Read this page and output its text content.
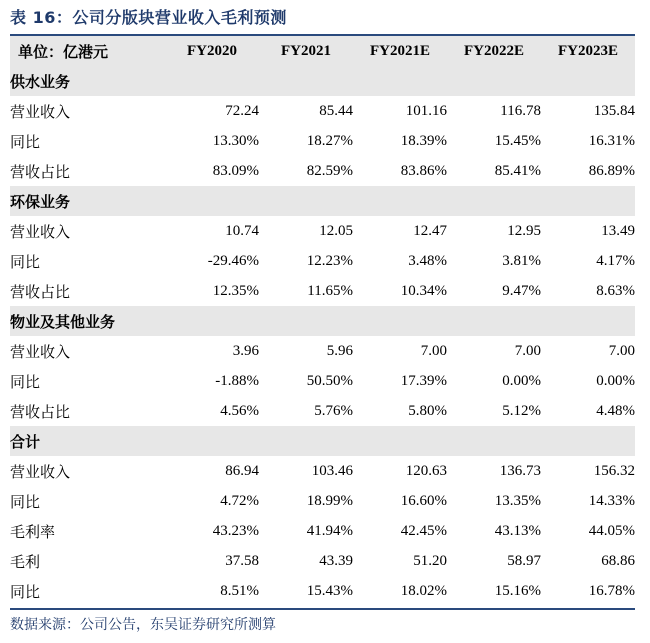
表 16：公司分版块营业收入毛利预测
单位：亿港元	FY2020	FY2021	FY2021E	FY2022E	FY2023E
供水业务					
营业收入	72.24	85.44	101.16	116.78	135.84
同比	13.30%	18.27%	18.39%	15.45%	16.31%
营收占比	83.09%	82.59%	83.86%	85.41%	86.89%
环保业务					
营业收入	10.74	12.05	12.47	12.95	13.49
同比	-29.46%	12.23%	3.48%	3.81%	4.17%
营收占比	12.35%	11.65%	10.34%	9.47%	8.63%
物业及其他业务					
营业收入	3.96	5.96	7.00	7.00	7.00
同比	-1.88%	50.50%	17.39%	0.00%	0.00%
营收占比	4.56%	5.76%	5.80%	5.12%	4.48%
合计					
营业收入	86.94	103.46	120.63	136.73	156.32
同比	4.72%	18.99%	16.60%	13.35%	14.33%
毛利率	43.23%	41.94%	42.45%	43.13%	44.05%
毛利	37.58	43.39	51.20	58.97	68.86
同比	8.51%	15.43%	18.02%	15.16%	16.78%
数据来源：公司公告，东吴证券研究所测算
